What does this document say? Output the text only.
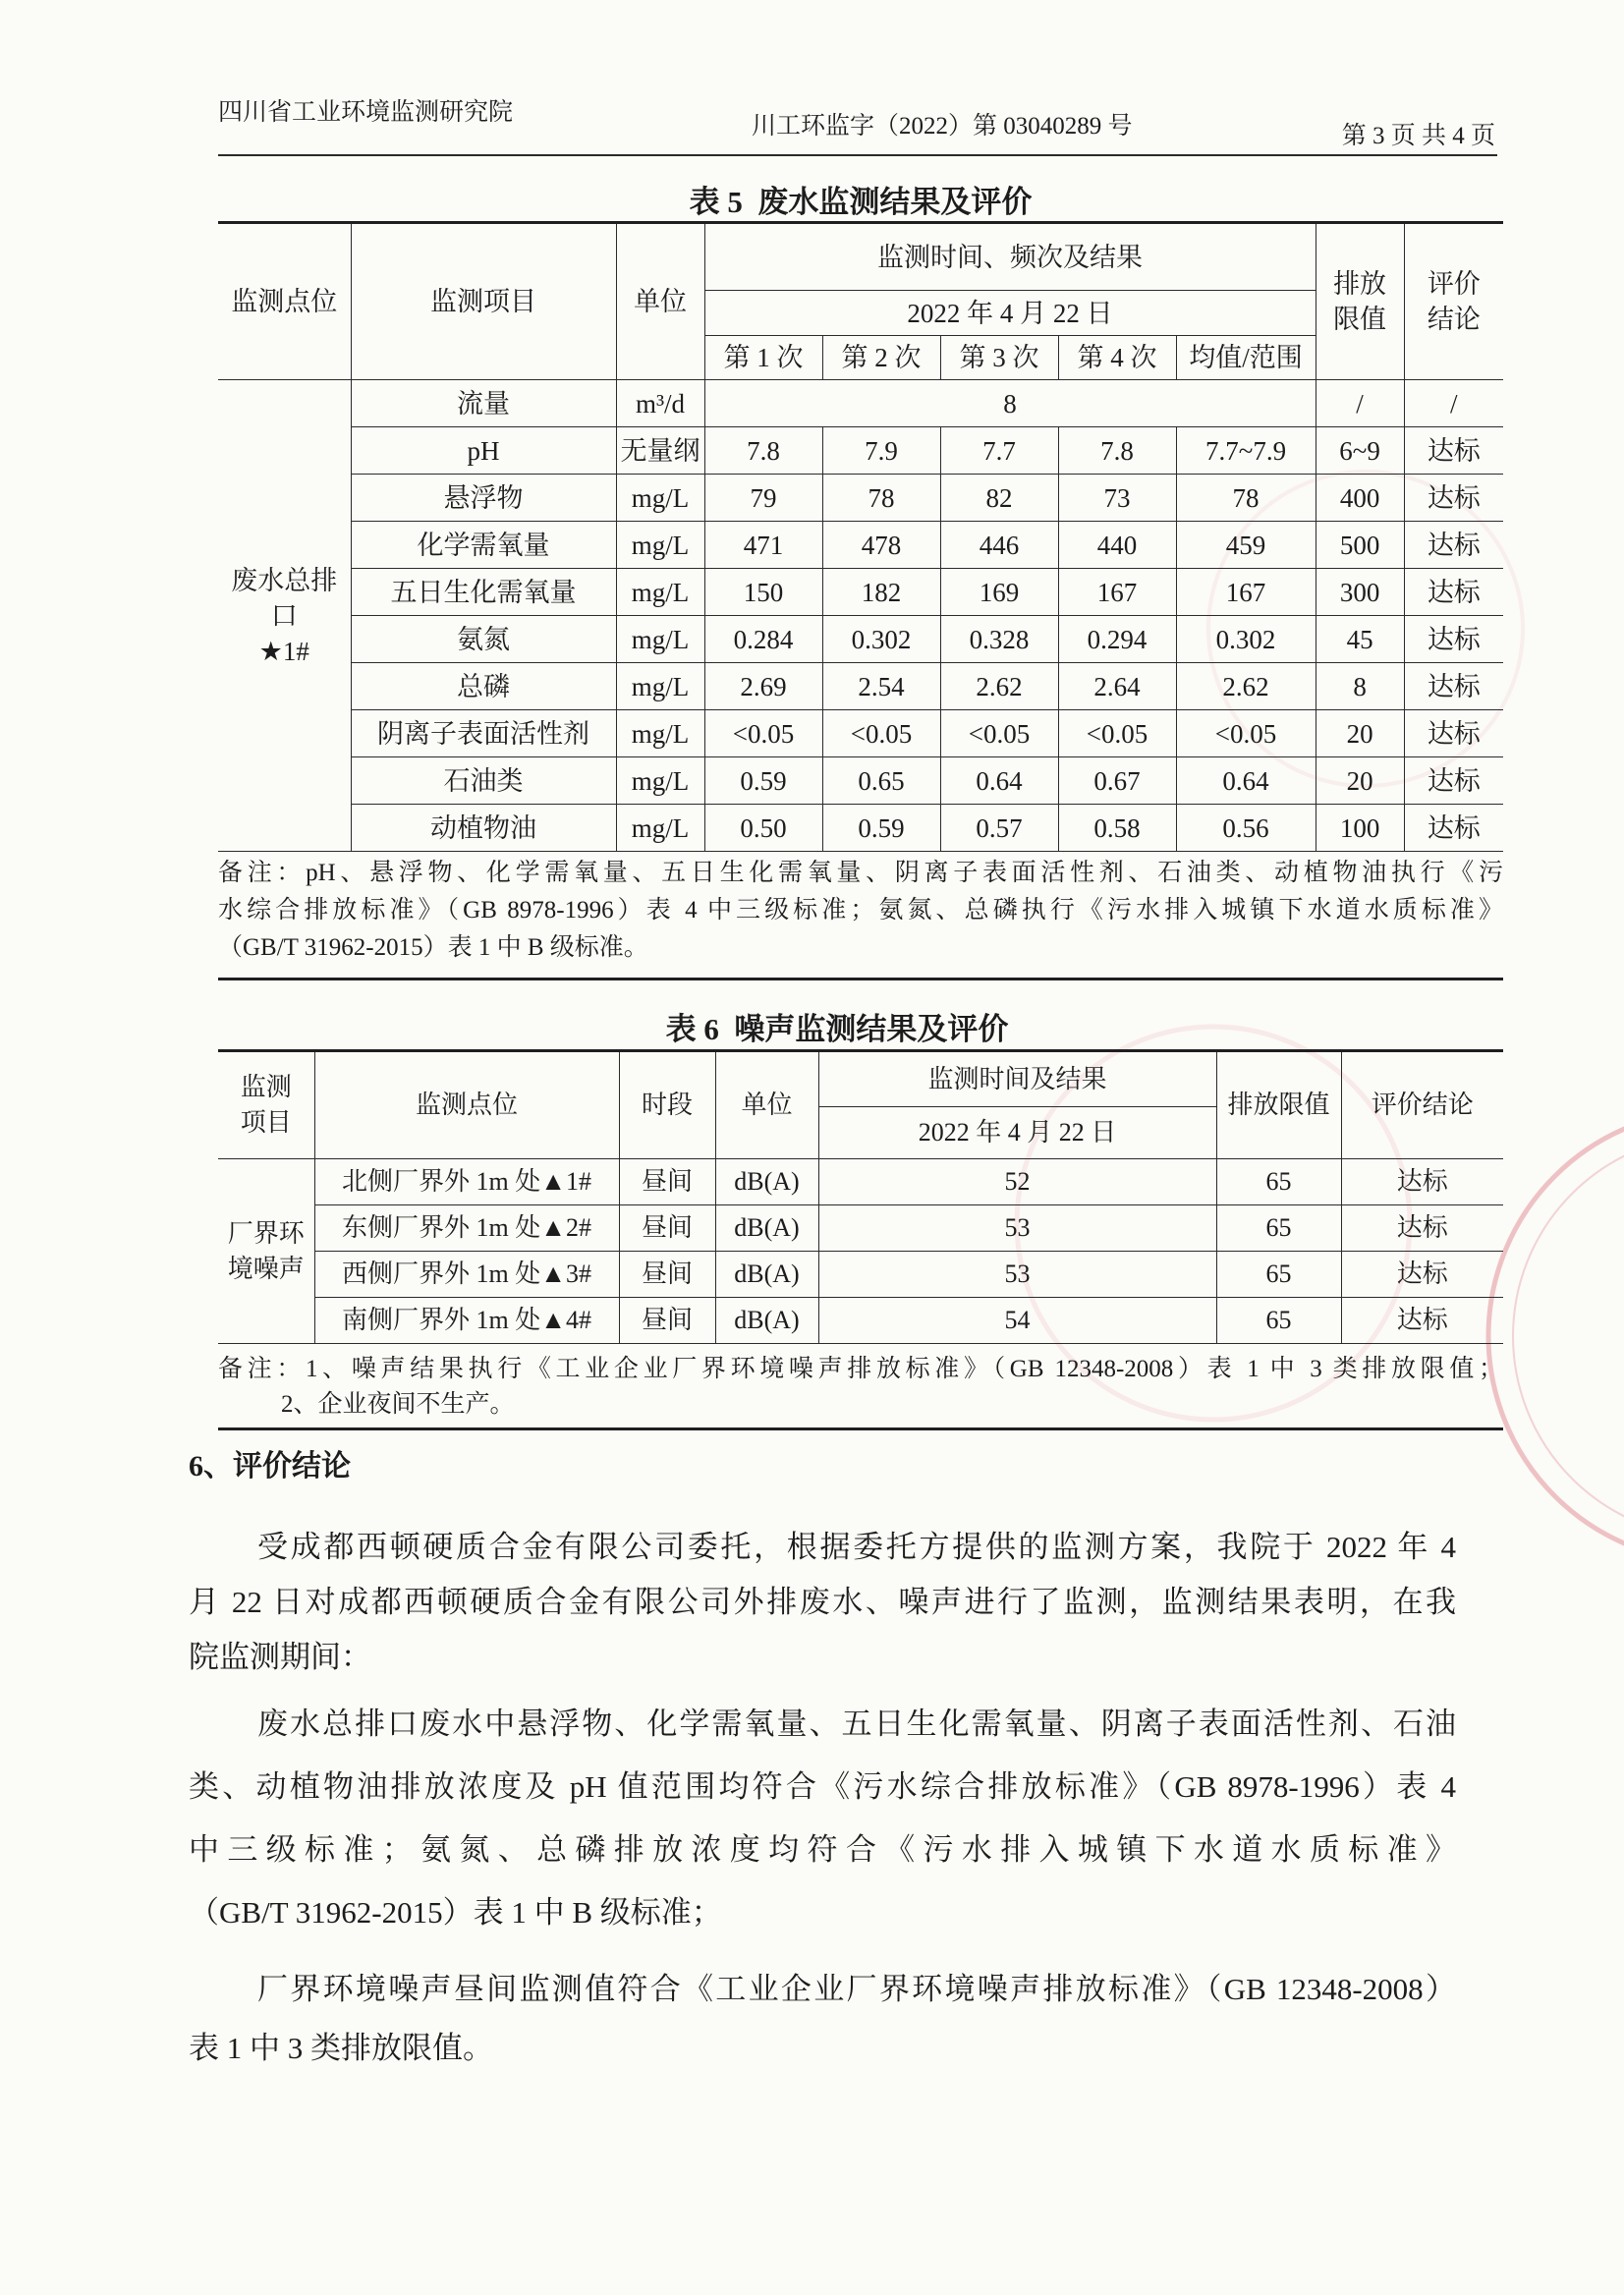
四川省工业环境监测研究院
川工环监字（2022）第 03040289 号	第 3 页 共 4 页
表 5  废水监测结果及评价
监测点位	监测项目	单位	监测时间、频次及结果					排放限值	评价结论
			2022 年 4 月 22 日						
			第 1 次	第 2 次	第 3 次	第 4 次	均值/范围		

废水总排口
★1#	流量	m³/d	8					/	/
	pH	无量纲	7.8	7.9	7.7	7.8	7.7~7.9	6~9	达标
	悬浮物	mg/L	79	78	82	73	78	400	达标
	化学需氧量	mg/L	471	478	446	440	459	500	达标
	五日生化需氧量	mg/L	150	182	169	167	167	300	达标
	氨氮	mg/L	0.284	0.302	0.328	0.294	0.302	45	达标
	总磷	mg/L	2.69	2.54	2.62	2.64	2.62	8	达标
	阴离子表面活性剂	mg/L	<0.05	<0.05	<0.05	<0.05	<0.05	20	达标
	石油类	mg/L	0.59	0.65	0.64	0.67	0.64	20	达标
	动植物油	mg/L	0.50	0.59	0.57	0.58	0.56	100	达标
备注：pH、悬浮物、化学需氧量、五日生化需氧量、阴离子表面活性剂、石油类、动植物油执行《污
水综合排放标准》（GB 8978-1996）表 4 中三级标准；氨氮、总磷执行《污水排入城镇下水道水质标准》
（GB/T 31962-2015）表 1 中 B 级标准。
表 6  噪声监测结果及评价
监测项目	监测点位	时段	单位	监测时间及结果	排放限值	评价结论
				2022 年 4 月 22 日		
厂界环境噪声	北侧厂界外 1m 处▲1#	昼间	dB(A)	52	65	达标
	东侧厂界外 1m 处▲2#	昼间	dB(A)	53	65	达标
	西侧厂界外 1m 处▲3#	昼间	dB(A)	53	65	达标
	南侧厂界外 1m 处▲4#	昼间	dB(A)	54	65	达标
备注：1、噪声结果执行《工业企业厂界环境噪声排放标准》（GB 12348-2008）表 1 中 3 类排放限值；
2、企业夜间不生产。
6、评价结论
受成都西顿硬质合金有限公司委托，根据委托方提供的监测方案，我院于 2022 年 4
月 22 日对成都西顿硬质合金有限公司外排废水、噪声进行了监测，监测结果表明，在我
院监测期间：
废水总排口废水中悬浮物、化学需氧量、五日生化需氧量、阴离子表面活性剂、石油
类、动植物油排放浓度及 pH 值范围均符合《污水综合排放标准》（GB 8978-1996）表 4
中三级标准；氨氮、总磷排放浓度均符合《污水排入城镇下水道水质标准》
（GB/T 31962-2015）表 1 中 B 级标准；
厂界环境噪声昼间监测值符合《工业企业厂界环境噪声排放标准》（GB 12348-2008）
表 1 中 3 类排放限值。
